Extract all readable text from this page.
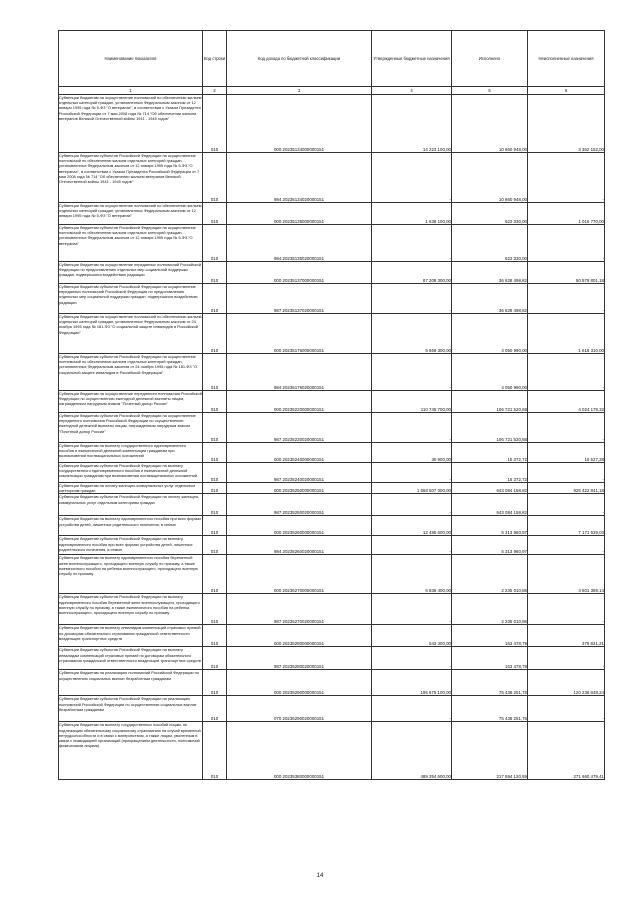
Наименование показателя	Код строки	Код дохода по бюджетной классификации	Утвержденные бюджетные назначения	Исполнено	Неисполненные назначения
1	2	3	4	5	6
Субвенции бюджетам на осуществление полномочий по обеспечению жильем отдельных категорий граждан, установленных Федеральным законом от 12 января 1995 года № 5-ФЗ "О ветеранах", в соответствии с Указом Президента Российской Федерации от 7 мая 2008 года № 714 "Об обеспечении жильем ветеранов Великой Отечественной войны 1941 - 1945 годов"	010	000 20235134000000151	14 223 100,00	10 860 948,00	3 362 152,00
Субвенции бюджетам субъектов Российской Федерации на осуществление полномочий по обеспечению жильем отдельных категорий граждан, установленных Федеральным законом от 12 января 1995 года № 5-ФЗ "О ветеранах", в соответствии с Указом Президента Российской Федерации от 7 мая 2008 года № 714 "Об обеспечении жильем ветеранов Великой Отечественной войны 1941 - 1945 годов"	010	984 20235134020000151	-	10 860 948,00	-
Субвенции бюджетам на осуществление полномочий по обеспечению жильем отдельных категорий граждан, установленных Федеральным законом от 12 января 1995 года № 5-ФЗ "О ветеранах"	010	000 20235135000000151	1 638 100,00	622 330,00	1 015 770,00
Субвенции бюджетам субъектов Российской Федерации на осуществление полномочий по обеспечению жильем отдельных категорий граждан, установленных Федеральным законом от 12 января 1995 года № 5-ФЗ "О ветеранах"	010	984 20235135020000151	-	622 330,00	-
Субвенции бюджетам на осуществление переданных полномочий Российской Федерации по предоставлению отдельных мер социальной поддержки граждан, подвергшихся воздействию радиации	010	000 20235137000000151	87 208 300,00	36 628 498,82	50 579 801,18
Субвенции бюджетам субъектов Российской Федерации на осуществление переданных полномочий Российской Федерации по предоставлению отдельных мер социальной поддержки граждан, подвергшихся воздействию радиации	010	987 20235137020000151	-	36 628 498,82	-
Субвенции бюджетам на осуществление полномочий по обеспечению жильем отдельных категорий граждан, установленных Федеральным законом от 24 ноября 1995 года № 181-ФЗ "О социальной защите инвалидов в Российской Федерации"	010	000 20235176000000151	5 669 300,00	4 050 990,00	1 618 310,00
Субвенции бюджетам субъектов Российской Федерации на осуществление полномочий по обеспечению жильем отдельных категорий граждан, установленных Федеральным законом от 24 ноября 1995 года № 181-ФЗ "О социальной защите инвалидов в Российской Федерации"	010	984 20235176020000151	-	4 050 990,00	-
Субвенции бюджетам на осуществление переданного полномочия Российской Федерации по осуществлению ежегодной денежной выплаты лицам, награжденным нагрудным знаком "Почетный донор России"	010	000 20235220000000151	110 745 700,00	106 721 520,68	4 024 179,32
Субвенции бюджетам субъектов Российской Федерации на осуществление переданного полномочия Российской Федерации по осуществлению ежегодной денежной выплаты лицам, награжденным нагрудным знаком "Почетный донор России"	010	987 20235220020000151	-	106 721 520,68	-
Субвенции бюджетам на выплату государственного единовременного пособия и ежемесячной денежной компенсации гражданам при возникновении поствакцинальных осложнений	010	000 20235240000000151	30 900,00	15 372,72	15 527,28
Субвенции бюджетам субъектов Российской Федерации на выплату государственного единовременного пособия и ежемесячной денежной компенсации гражданам при возникновении поствакцинальных осложнений	010	987 20235240020000151	-	15 372,72	-
Субвенции бюджетам на оплату жилищно-коммунальных услуг отдельным категориям граждан	010	000 20235250000000151	1 568 507 000,00	643 084 158,82	925 422 841,18
Субвенции бюджетам субъектов Российской Федерации на оплату жилищно-коммунальных услуг отдельным категориям граждан	010	987 20235250020000151	-	643 084 158,82	-
Субвенции бюджетам на выплату единовременного пособия при всех формах устройства детей, лишенных родительского попечения, в семью	010	000 20235260000000151	12 485 600,00	5 313 960,97	7 171 639,03
Субвенции бюджетам субъектов Российской Федерации на выплату единовременного пособия при всех формах устройства детей, лишенных родительского попечения, в семью	010	984 20235260020000151	-	5 313 960,97	-
Субвенции бюджетам на выплату единовременного пособия беременной жене военнослужащего, проходящего военную службу по призыву, а также ежемесячного пособия на ребенка военнослужащего, проходящего военную службу по призыву	010	000 20235270000000151	6 836 400,00	2 235 010,86	4 601 389,14
Субвенции бюджетам субъектов Российской Федерации на выплату единовременного пособия беременной жене военнослужащего, проходящего военную службу по призыву, а также ежемесячного пособия на ребенка военнослужащего, проходящего военную службу по призыву	010	987 20235270020000151	-	2 235 010,86	-
Субвенции бюджетам на выплату инвалидам компенсаций страховых премий по договорам обязательного страхования гражданской ответственности владельцев транспортных средств	010	000 20235280000000151	543 300,00	163 478,79	379 821,21
Субвенции бюджетам субъектов Российской Федерации на выплату инвалидам компенсаций страховых премий по договорам обязательного страхования гражданской ответственности владельцев транспортных средств	010	987 20235280020000151	-	163 478,79	-
Субвенции бюджетам на реализацию полномочий Российской Федерации по осуществлению социальных выплат безработным гражданам	010	000 20235290000000151	195 675 100,00	75 438 251,76	120 236 848,24
Субвенции бюджетам субъектов Российской Федерации на реализацию полномочий Российской Федерации по осуществлению социальных выплат безработным гражданам	010	070 20235290020000151	-	75 438 251,76	-
Субвенции бюджетам на выплату государственных пособий лицам, не подлежащим обязательному социальному страхованию на случай временной нетрудоспособности и в связи с материнством, а также лицам, уволенным в связи с ликвидацией организаций (прекращением деятельности, полномочий физическими лицами)	010	000 20235380000000151	489 354 600,00	217 694 120,59	271 660 479,41
14
